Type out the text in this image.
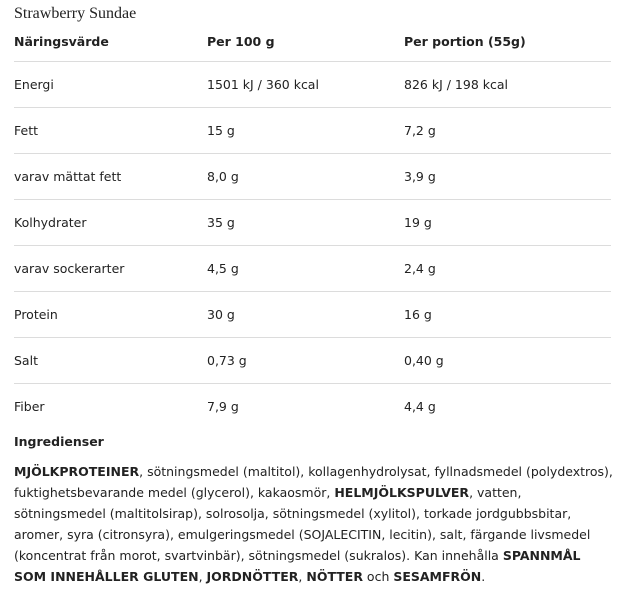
Strawberry Sundae
Näringsvärde	Per 100 g	Per portion (55g)
Energi	1501 kJ / 360 kcal	826 kJ / 198 kcal
Fett	15 g	7,2 g
varav mättat fett	8,0 g	3,9 g
Kolhydrater	35 g	19 g
varav sockerarter	4,5 g	2,4 g
Protein	30 g	16 g
Salt	0,73 g	0,40 g
Fiber	7,9 g	4,4 g
Ingredienser

MJÖLKPROTEINER, sötningsmedel (maltitol), kollagenhydrolysat, fyllnadsmedel (polydextros), fuktighetsbevarande medel (glycerol), kakaosmör, HELMJÖLKSPULVER, vatten, sötningsmedel (maltitolsirap), solrosolja, sötningsmedel (xylitol), torkade jordgubbsbitar, aromer, syra (citronsyra), emulgeringsmedel (SOJALECITIN, lecitin), salt, färgande livsmedel (koncentrat från morot, svartvinbär), sötningsmedel (sukralos). Kan innehålla SPANNMÅL SOM INNEHÅLLER GLUTEN, JORDNÖTTER, NÖTTER och SESAMFRÖN.
